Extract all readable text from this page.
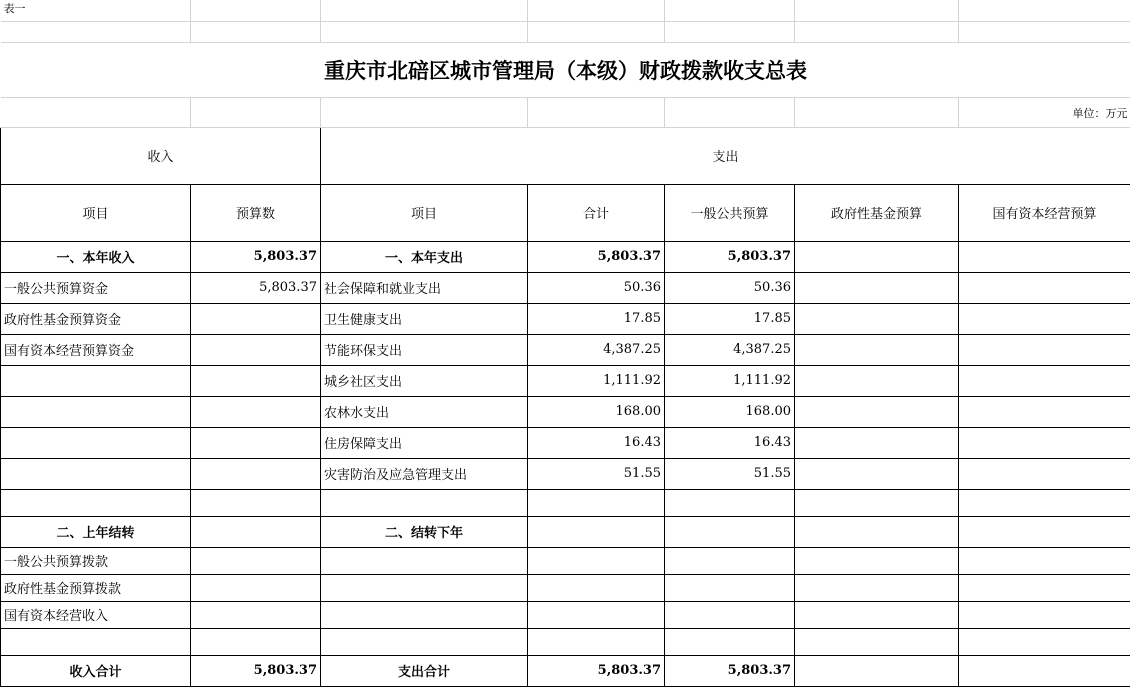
表一						

重庆市北碚区城市管理局（本级）财政拨款收支总表						
						单位：万元
收入		支出				
项目	预算数	项目	合计	一般公共预算	政府性基金预算	国有资本经营预算
一、本年收入	5,803.37	一、本年支出	5,803.37	5,803.37		
一般公共预算资金	5,803.37	社会保障和就业支出	50.36	50.36		
政府性基金预算资金		卫生健康支出	17.85	17.85		
国有资本经营预算资金		节能环保支出	4,387.25	4,387.25		
		城乡社区支出	1,111.92	1,111.92		
		农林水支出	168.00	168.00		
		住房保障支出	16.43	16.43		
		灾害防治及应急管理支出	51.55	51.55		

二、上年结转		二、结转下年				
一般公共预算拨款						
政府性基金预算拨款						
国有资本经营收入						

收入合计	5,803.37	支出合计	5,803.37	5,803.37		
